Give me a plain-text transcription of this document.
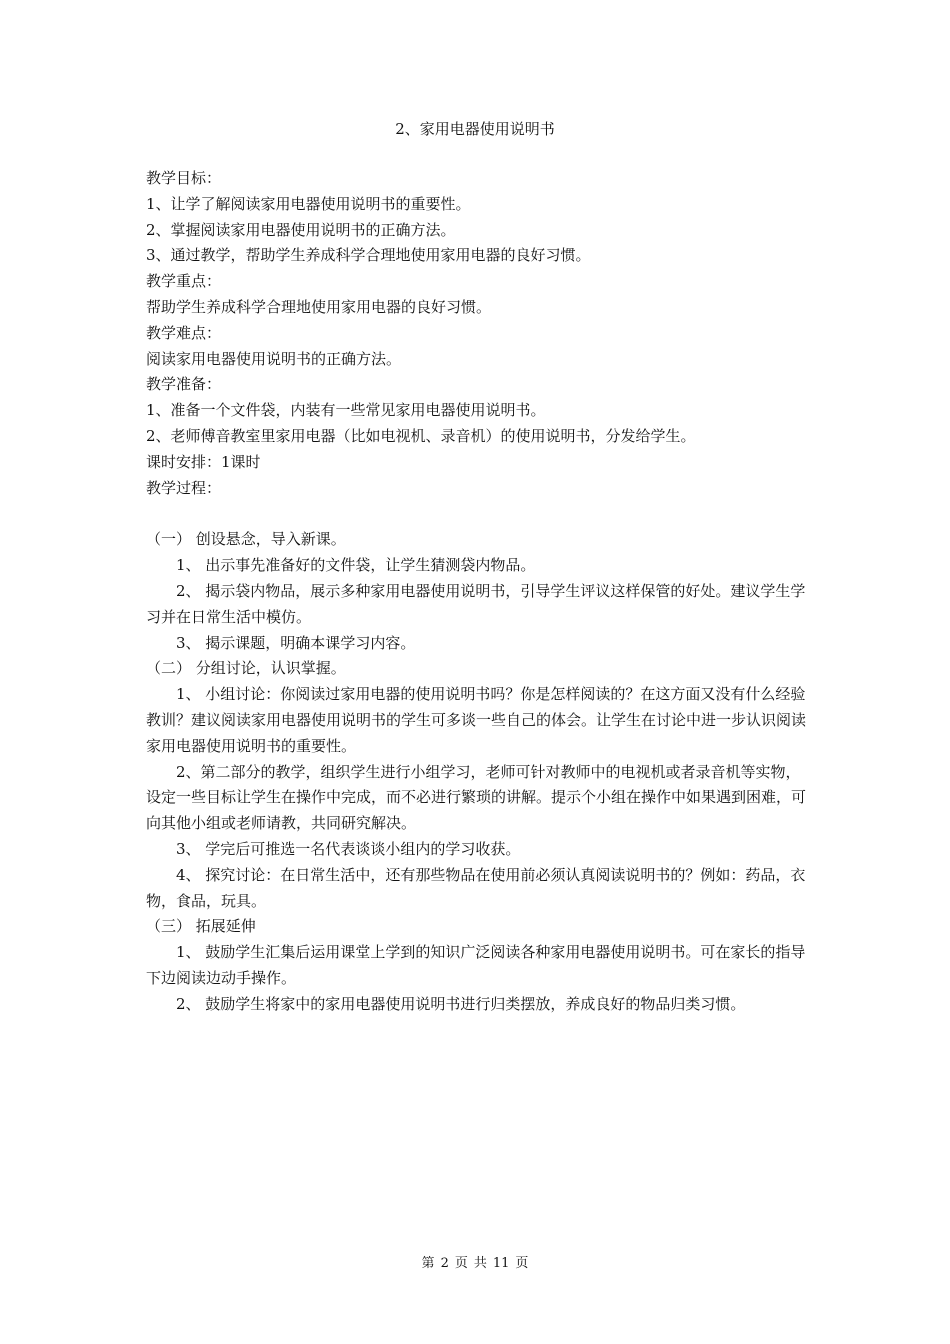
2、家用电器使用说明书

教学目标：

1、让学了解阅读家用电器使用说明书的重要性。

2、掌握阅读家用电器使用说明书的正确方法。

3、通过教学，帮助学生养成科学合理地使用家用电器的良好习惯。

教学重点：

帮助学生养成科学合理地使用家用电器的良好习惯。

教学难点：

阅读家用电器使用说明书的正确方法。

教学准备：

1、准备一个文件袋，内装有一些常见家用电器使用说明书。

2、老师傅音教室里家用电器（比如电视机、录音机）的使用说明书，分发给学生。

课时安排：1课时

教学过程：

（一） 创设悬念，导入新课。

1、 出示事先准备好的文件袋，让学生猜测袋内物品。

2、 揭示袋内物品，展示多种家用电器使用说明书，引导学生评议这样保管的好处。建议学生学习并在日常生活中模仿。

3、 揭示课题，明确本课学习内容。

（二） 分组讨论，认识掌握。

1、 小组讨论：你阅读过家用电器的使用说明书吗？你是怎样阅读的？在这方面又没有什么经验教训？建议阅读家用电器使用说明书的学生可多谈一些自己的体会。让学生在讨论中进一步认识阅读家用电器使用说明书的重要性。

2、第二部分的教学，组织学生进行小组学习，老师可针对教师中的电视机或者录音机等实物，设定一些目标让学生在操作中完成，而不必进行繁琐的讲解。提示个小组在操作中如果遇到困难，可向其他小组或老师请教，共同研究解决。

3、 学完后可推选一名代表谈谈小组内的学习收获。

4、 探究讨论：在日常生活中，还有那些物品在使用前必须认真阅读说明书的？例如：药品，衣物，食品，玩具。

（三） 拓展延伸

1、 鼓励学生汇集后运用课堂上学到的知识广泛阅读各种家用电器使用说明书。可在家长的指导下边阅读边动手操作。

2、 鼓励学生将家中的家用电器使用说明书进行归类摆放，养成良好的物品归类习惯。

第 2 页 共 11 页
